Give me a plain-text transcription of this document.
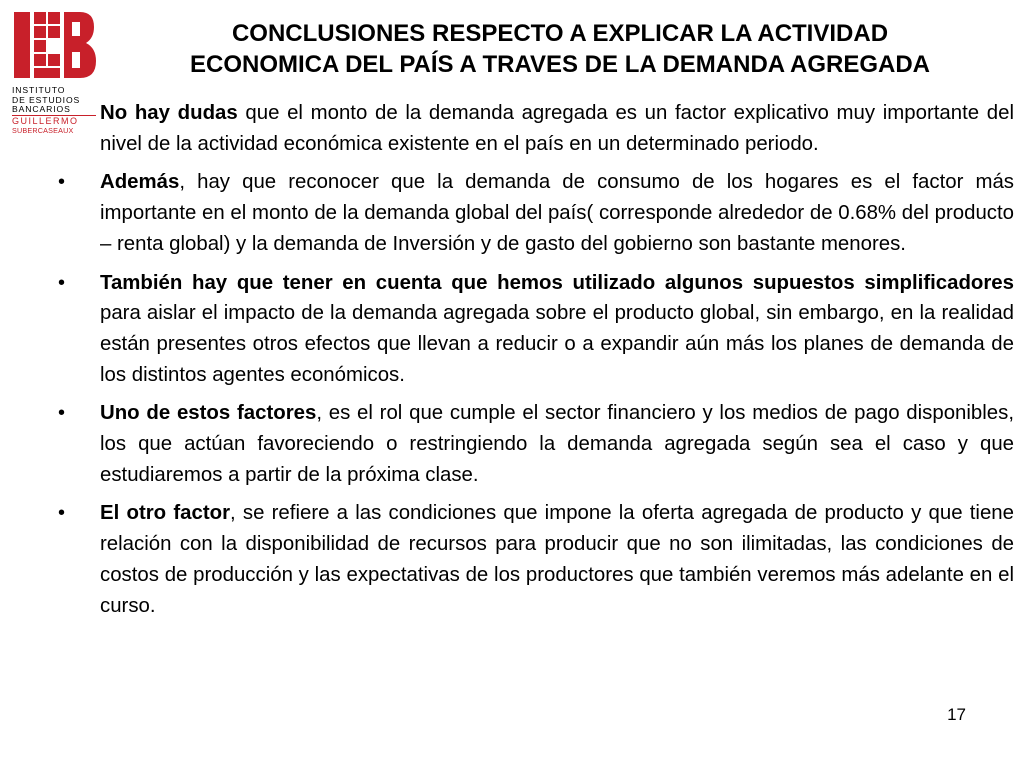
INSTITUTO
DE ESTUDIOS
BANCARIOS
GUILLERMO
SUBERCASEAUX
CONCLUSIONES RESPECTO A EXPLICAR LA ACTIVIDAD
ECONOMICA DEL PAÍS A TRAVES DE LA DEMANDA AGREGADA
No hay dudas que el monto de la demanda agregada es un factor explicativo muy importante del nivel de la actividad económica existente en el país en un determinado periodo.
• Además, hay que reconocer que la demanda de consumo de los hogares es el factor más importante en el monto de la demanda global del país( corresponde alrededor de 0.68% del producto – renta global) y la demanda de Inversión y de gasto del gobierno son bastante menores.
• También hay que tener en cuenta que hemos utilizado algunos supuestos simplificadores para aislar el impacto de la demanda agregada sobre el producto global, sin embargo, en la realidad están presentes otros efectos que llevan a reducir o a expandir aún más los planes de demanda de los distintos agentes económicos.
• Uno de estos factores, es el rol que cumple el sector financiero y los medios de pago disponibles, los que actúan favoreciendo o restringiendo la demanda agregada según sea el caso y que estudiaremos a partir de la próxima clase.
• El otro factor, se refiere a las condiciones que impone la oferta agregada de producto y que tiene relación con la disponibilidad de recursos para producir que no son ilimitadas, las condiciones de costos de producción y las expectativas de los productores que también veremos más adelante en el curso.
17
